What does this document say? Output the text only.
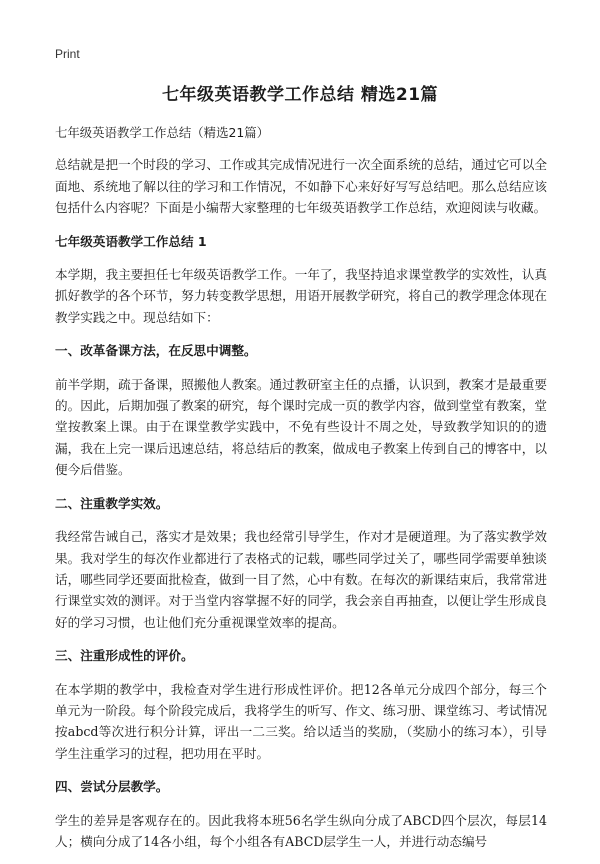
Print
七年级英语教学工作总结 精选21篇

七年级英语教学工作总结（精选21篇）

总结就是把一个时段的学习、工作或其完成情况进行一次全面系统的总结，通过它可以全面地、系统地了解以往的学习和工作情况，不如静下心来好好写写总结吧。那么总结应该包括什么内容呢？下面是小编帮大家整理的七年级英语教学工作总结，欢迎阅读与收藏。

七年级英语教学工作总结 1

本学期，我主要担任七年级英语教学工作。一年了，我坚持追求课堂教学的实效性，认真抓好教学的各个环节，努力转变教学思想，用语开展教学研究，将自己的教学理念体现在教学实践之中。现总结如下：

一、改革备课方法，在反思中调整。

前半学期，疏于备课，照搬他人教案。通过教研室主任的点播，认识到，教案才是最重要的。因此，后期加强了教案的研究，每个课时完成一页的教学内容，做到堂堂有教案，堂堂按教案上课。由于在课堂教学实践中，不免有些设计不周之处，导致教学知识的的遗漏，我在上完一课后迅速总结，将总结后的教案，做成电子教案上传到自己的博客中，以便今后借鉴。

二、注重教学实效。

我经常告诫自己，落实才是效果；我也经常引导学生，作对才是硬道理。为了落实教学效果。我对学生的每次作业都进行了表格式的记载，哪些同学过关了，哪些同学需要单独谈话，哪些同学还要面批检查，做到一目了然，心中有数。在每次的新课结束后，我常常进行课堂实效的测评。对于当堂内容掌握不好的同学，我会亲自再抽查，以便让学生形成良好的学习习惯，也让他们充分重视课堂效率的提高。

三、注重形成性的评价。

在本学期的教学中，我检查对学生进行形成性评价。把12各单元分成四个部分，每三个单元为一阶段。每个阶段完成后，我将学生的听写、作文、练习册、课堂练习、考试情况按abcd等次进行积分计算，评出一二三奖。给以适当的奖励，（奖励小的练习本），引导学生注重学习的过程，把功用在平时。

四、尝试分层教学。

学生的差异是客观存在的。因此我将本班56名学生纵向分成了ABCD四个层次，每层14人；横向分成了14各小组，每个小组各有ABCD层学生一人，并进行动态编号
